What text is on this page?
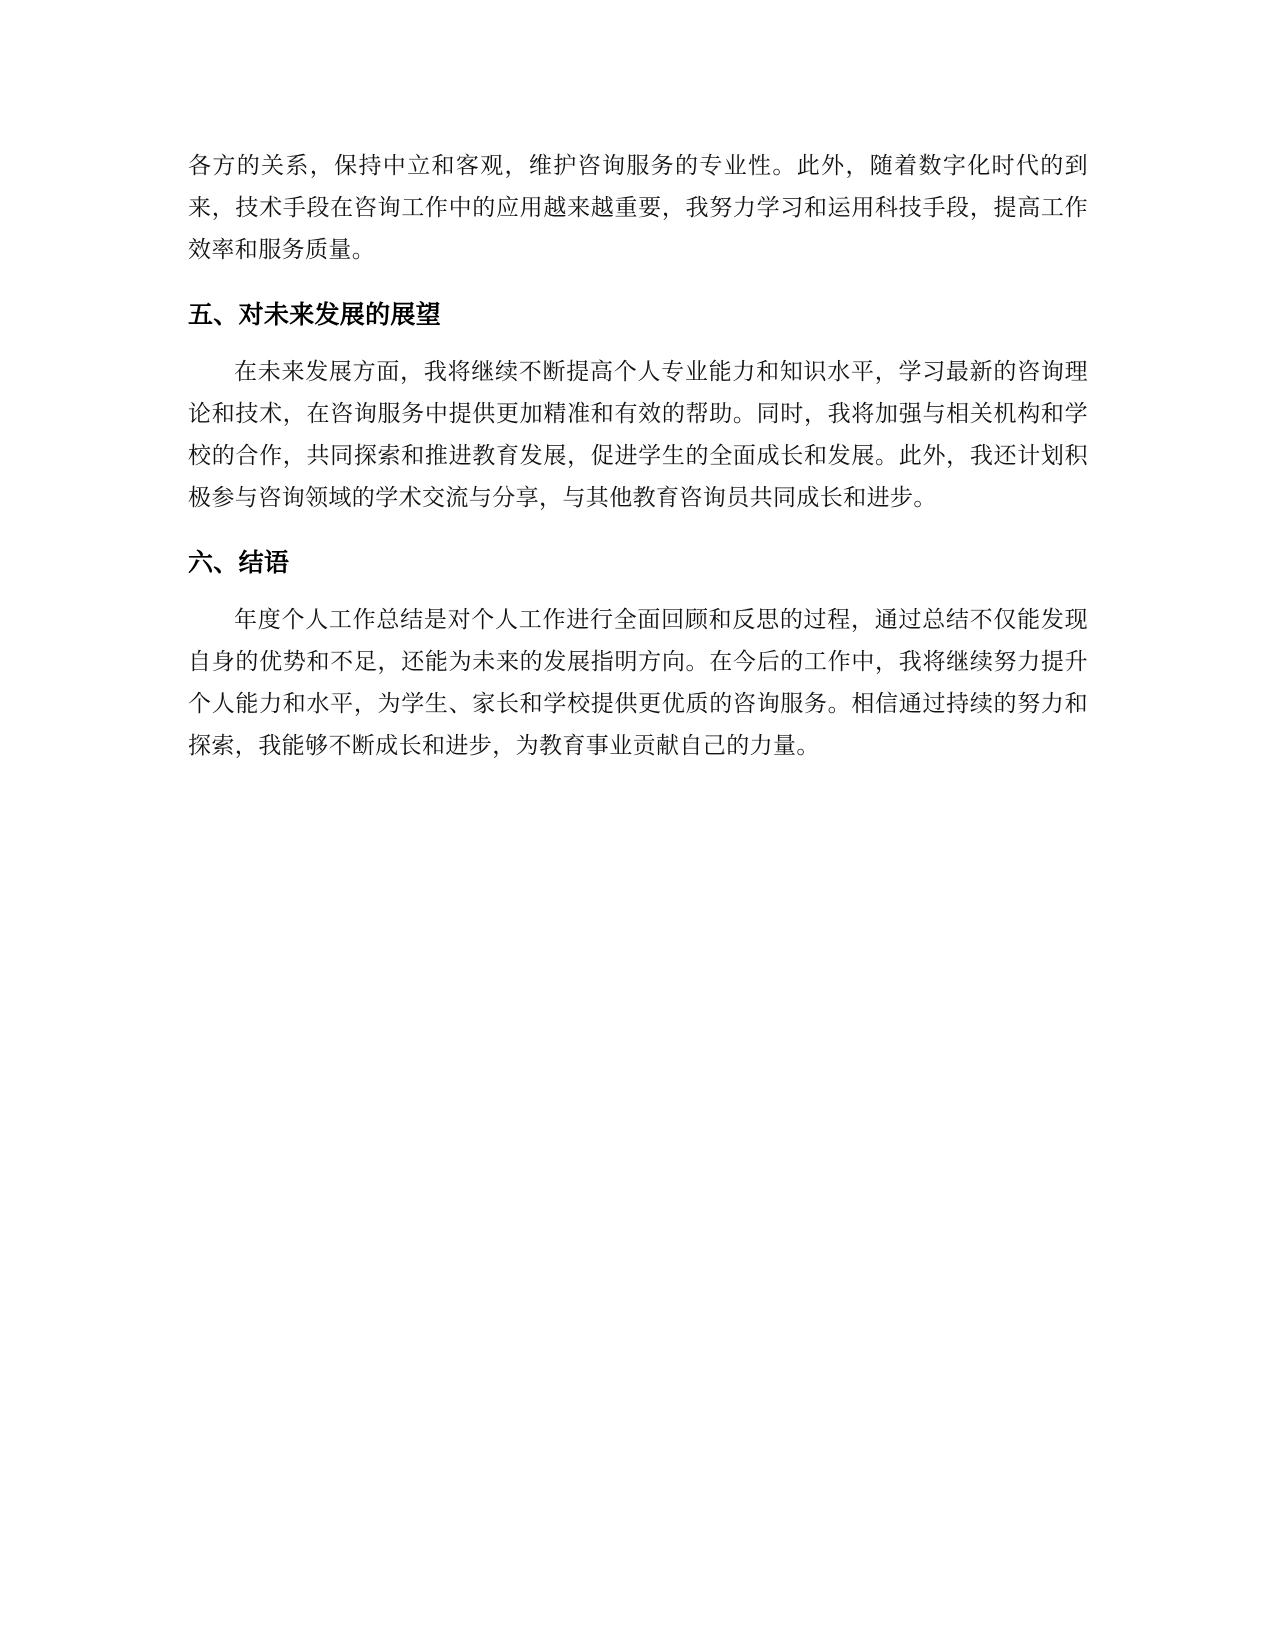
各方的关系，保持中立和客观，维护咨询服务的专业性。此外，随着数字化时代的到来，技术手段在咨询工作中的应用越来越重要，我努力学习和运用科技手段，提高工作效率和服务质量。

五、对未来发展的展望

在未来发展方面，我将继续不断提高个人专业能力和知识水平，学习最新的咨询理论和技术，在咨询服务中提供更加精准和有效的帮助。同时，我将加强与相关机构和学校的合作，共同探索和推进教育发展，促进学生的全面成长和发展。此外，我还计划积极参与咨询领域的学术交流与分享，与其他教育咨询员共同成长和进步。

六、结语

年度个人工作总结是对个人工作进行全面回顾和反思的过程，通过总结不仅能发现自身的优势和不足，还能为未来的发展指明方向。在今后的工作中，我将继续努力提升个人能力和水平，为学生、家长和学校提供更优质的咨询服务。相信通过持续的努力和探索，我能够不断成长和进步，为教育事业贡献自己的力量。
